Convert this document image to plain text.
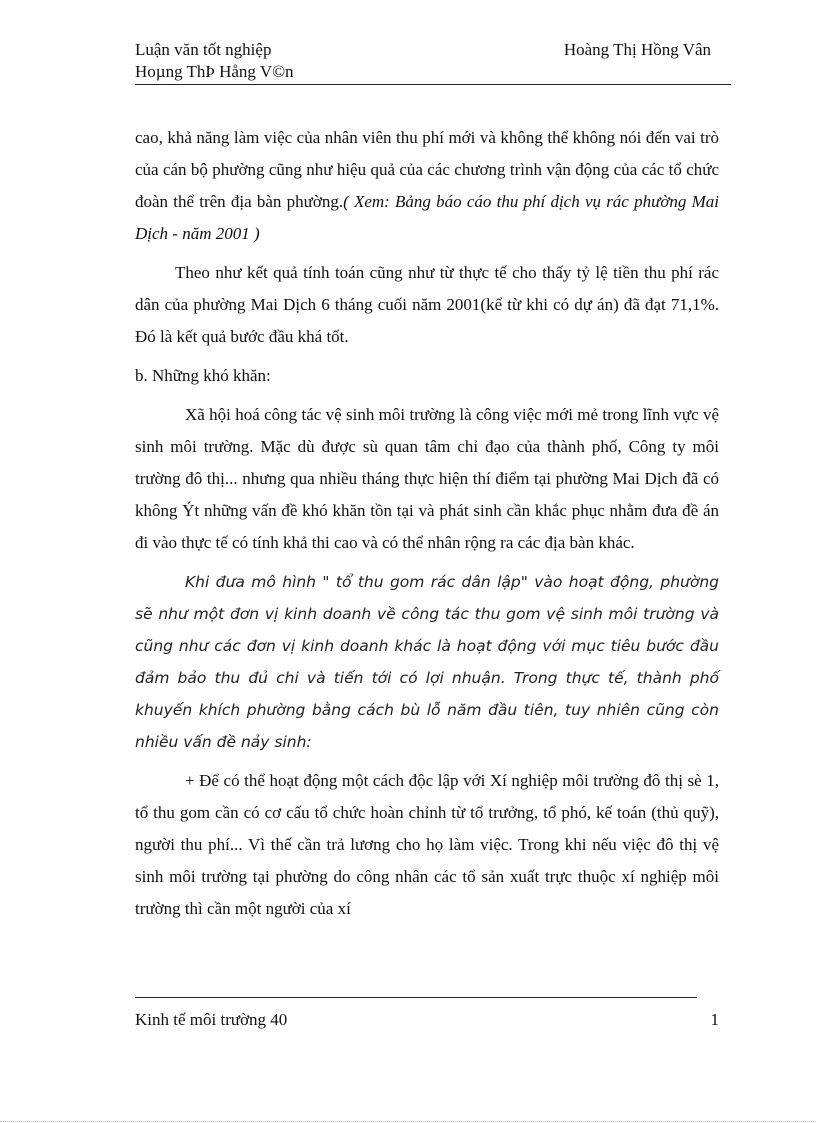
Luận văn tốt nghiệp	Hoàng Thị Hồng Vân
Hoµng ThÞ Hång V©n

cao, khả năng làm việc của nhân viên thu phí mới và không thể không nói đến vai trò của cán bộ phường cũng như hiệu quả của các chương trình vận động của các tổ chức đoàn thể trên địa bàn phường.( Xem: Bảng báo cáo thu phí dịch vụ rác phường Mai Dịch - năm 2001 )

Theo như kết quả tính toán cũng như từ thực tế cho thấy tỷ lệ tiền thu phí rác dân của phường Mai Dịch 6 tháng cuối năm 2001(kể từ khi có dự án) đã đạt 71,1%. Đó là kết quả bước đầu khá tốt.

b. Những khó khăn:

Xã hội hoá công tác vệ sinh môi trường là công việc mới mẻ trong lĩnh vực vệ sinh môi trường. Mặc dù được sù quan tâm chỉ đạo của thành phố, Công ty môi trường đô thị... nhưng qua nhiều tháng thực hiện thí điểm tại phường Mai Dịch đã có không Ýt những vấn đề khó khăn tồn tại và phát sinh cần khắc phục nhằm đưa đề án đi vào thực tế có tính khả thi cao và có thể nhân rộng ra các địa bàn khác.

Khi đưa mô hình " tổ thu gom rác dân lập" vào hoạt động, phường sẽ như một đơn vị kinh doanh về công tác thu gom vệ sinh môi trường và cũng như các đơn vị kinh doanh khác là hoạt động với mục tiêu bước đầu đảm bảo thu đủ chi và tiến tới có lợi nhuận. Trong thực tế, thành phố khuyến khích phường bằng cách bù lỗ năm đầu tiên, tuy nhiên cũng còn nhiều vấn đề nảy sinh:

+ Để có thể hoạt động một cách độc lập với Xí nghiệp môi trường đô thị sè 1, tổ thu gom cần có cơ cấu tổ chức hoàn chỉnh từ tổ trưởng, tổ phó, kế toán (thủ quỹ), người thu phí... Vì thế cần trả lương cho họ làm việc. Trong khi nếu việc đô thị vệ sinh môi trường tại phường do công nhân các tổ sản xuất trực thuộc xí nghiệp môi trường thì cần một người của xí

Kinh tế môi trường 40	1
